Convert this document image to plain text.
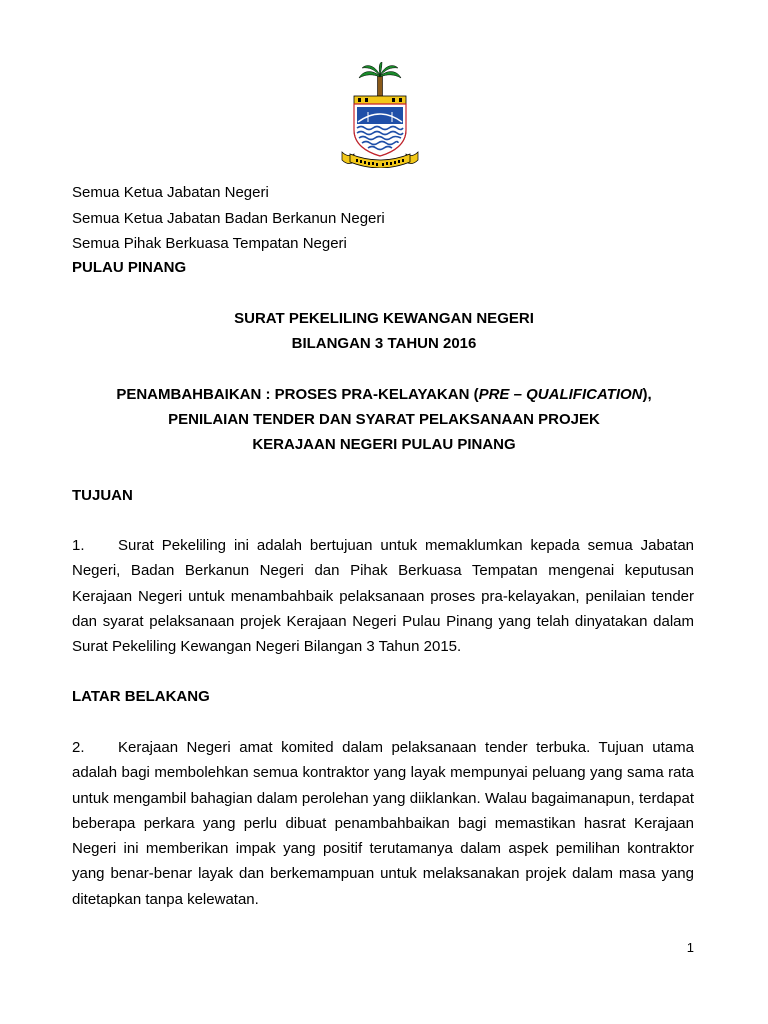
Semua Ketua Jabatan Negeri
Semua Ketua Jabatan Badan Berkanun Negeri
Semua Pihak Berkuasa Tempatan Negeri
PULAU PINANG
SURAT PEKELILING KEWANGAN NEGERI
BILANGAN 3 TAHUN 2016
PENAMBAHBAIKAN : PROSES PRA-KELAYAKAN (PRE – QUALIFICATION),
PENILAIAN TENDER DAN SYARAT PELAKSANAAN PROJEK
KERAJAAN NEGERI PULAU PINANG
TUJUAN
1. Surat Pekeliling ini adalah bertujuan untuk memaklumkan kepada semua Jabatan Negeri, Badan Berkanun Negeri dan Pihak Berkuasa Tempatan mengenai keputusan Kerajaan Negeri untuk menambahbaik pelaksanaan proses pra-kelayakan, penilaian tender dan syarat pelaksanaan projek Kerajaan Negeri Pulau Pinang yang telah dinyatakan dalam Surat Pekeliling Kewangan Negeri Bilangan 3 Tahun 2015.
LATAR BELAKANG
2. Kerajaan Negeri amat komited dalam pelaksanaan tender terbuka. Tujuan utama adalah bagi membolehkan semua kontraktor yang layak mempunyai peluang yang sama rata untuk mengambil bahagian dalam perolehan yang diiklankan. Walau bagaimanapun, terdapat beberapa perkara yang perlu dibuat penambahbaikan bagi memastikan hasrat Kerajaan Negeri ini memberikan impak yang positif terutamanya dalam aspek pemilihan kontraktor yang benar-benar layak dan berkemampuan untuk melaksanakan projek dalam masa yang ditetapkan tanpa kelewatan.
1
